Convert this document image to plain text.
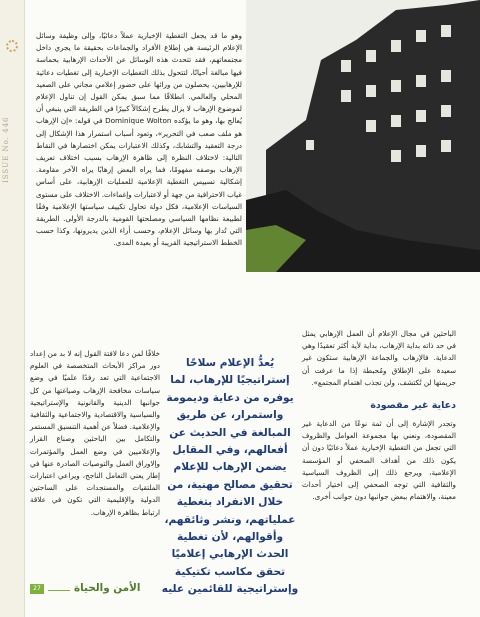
ISSUE No. 446

وهو ما قد يجعل التغطية الإخبارية عملاً دعائيًا، وإلى وظيفة وسائل الإعلام الرئيسة هي إطلاع الأفراد والجماعات بحقيقة ما يجري داخل مجتمعاتهم، فقد تتحدث هذه الوسائل عن الأحداث الإرهابية بحماسة فيها مبالغة أحيانًا، لتتحول بذلك التغطيات الإخبارية إلى تغطيات دعائية للإرهابيين، يحصلون من ورائها على حضور إعلامي مجاني على الصعيد المحلي والعالمي. انطلاقًا مما سبق يمكن القول إن تناول الإعلام لموضوع الإرهاب لا يزال يطرح إشكالاً كبيرًا في الطريقة التي ينبغي أن يُعالج بها، وهو ما يؤكده Dominique Wolton في قوله: «إن الإرهاب هو ملف صعب في التحرير»، وتعود أسباب استمرار هذا الإشكال إلى درجة التعقيد والتشابك، وكذلك الاعتبارات يمكن اختصارها في النقاط التالية: لاختلاف النظرة إلى ظاهرة الإرهاب بسبب اختلاف تعريف الإرهاب بوصفه مفهومًا، فما يراه البعض إرهابًا يراه الآخر مقاومة. إشكالية تسييس التغطية الإعلامية للعمليات الإرهابية، على أساس غياب الاحترافية من جهة أو لاعتبارات وإغماءات. الاختلاف على مستوى السياسات الإعلامية، فكل دولة تحاول تكييف سياستها الإعلامية وفقًا لطبيعة نظامها السياسي ومصلحتها القومية بالدرجة الأولى. الطريقة التي تُدار بها وسائل الإعلام، وحسب أراء الذين يديرونها، وكذا حسب الخطط الاستراتيجية القريبة أو بعيدة المدى.

خلافًا لمن دعا لافتة القول إنه لا بد من إعداد دور مراكز الأبحاث المتخصصة في العلوم الاجتماعية التي تعد رفدًا علميًا في وضع سياسات مخافحة الإرهاب وصياغتها من كل جوانبها الدينية والقانونية والإستراتيجية والسياسية والاقتصادية والاجتماعية والثقافية والإعلامية. فضلاً عن أهمية التنسيق المستمر والتكامل بين الباحثين وصناع القرار والإعلاميين في وضع العمل والمؤتمرات وإلاوراق العمل والتوصيات الصادرة عنها في إطار يعني التعامل الناجح، ويراعي اعتبارات الملتقيات والمستجدات على الساحتين الدولية والإقليمية التي تكون في علاقة ارتباط بظاهرة الإرهاب.

يُعدُّ الإعلام سلاحًا إستراتيجيًا للإرهاب، لما يوفره من دعاية وديمومة واستمرار، عن طريق المبالغة في الحديث عن أفعالهم، وفي المقابل يضمن الإرهاب للإعلام تحقيق مصالح مهنية، من خلال الانفراد بتغطية عملياتهم، ونشر وثائقهم، وأقوالهم، لأن تغطية الحدث الإرهابي إعلاميًا تحقق مكاسب تكتيكية وإستراتيجية للقائمين عليه

الباحثين في مجال الإعلام أن العمل الإرهابي يمثل في حد ذاته بداية الإرهاب، بداية لأية أكثر تعقيدًا وهي الدعاية. فالإرهاب والجماعة الإرهابية ستكون غير سعيدة على الإطلاق ومُحبطة إذا ما عرفت أن جريمتها لن تُكتشف، ولن تجذب اهتمام المجتمع».

دعاية غير مقصودة

وتجدر الإشارة إلى أن ثمة نوعًا من الدعاية غير المقصودة، ونعني بها مجموعة العوامل والظروف التي تجعل من التغطية الإخبارية عملاً دعائيًا دون أن يكون ذلك من أهداف الصحفي أو المؤسسة الإعلامية، ويرجع ذلك إلى الظروف السياسية والثقافية التي توجه الصحفي إلى اختيار أحداث معينة، والاهتمام ببعض جوانبها دون جوانب أخرى.

27	الأمن والحياة
